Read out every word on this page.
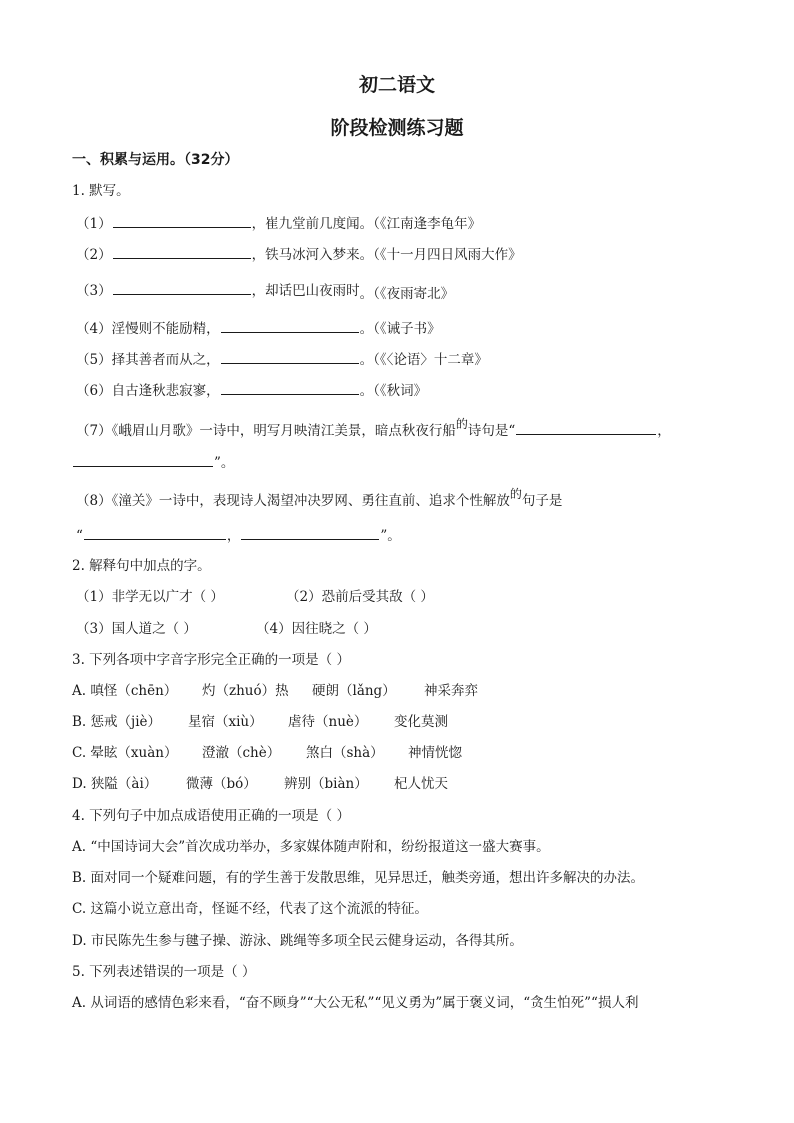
初二语文
阶段检测练习题
一、积累与运用。（32分）
1. 默写。
（1）	，崔九堂前几度闻。（《江南逢李龟年》
（2）	，铁马冰河入梦来。（《十一月四日风雨大作》
（3）	，却话巴山夜雨时。（《夜雨寄北》
（4）淫慢则不能励精，	。（《诫子书》
（5）择其善者而从之，	。（《〈论语〉十二章》
（6）自古逢秋悲寂寥，	。（《秋词》
（7）《峨眉山月歌》一诗中，明写月映清江美景，暗点秋夜行船的诗句是“	，
”。
（8）《潼关》一诗中，表现诗人渴望冲决罗网、勇往直前、追求个性解放的句子是
“	，	”。
2. 解释句中加点的字。
（1）非学无以广才（ ）	（2）恐前后受其敌（ ）
（3）国人道之（ ）	（4）因往晓之（ ）
3. 下列各项中字音字形完全正确的一项是（ ）
A. 嗔怪（chēn） 灼（zhuó）热 硬朗（lǎng） 神采奔弈
B. 惩戒（jiè） 星宿（xiù） 虐待（nuè） 变化莫测
C. 晕眩（xuàn） 澄澈（chè） 煞白（shà） 神情恍惚
D. 狭隘（ài） 微薄（bó） 辨别（biàn） 杞人忧天
4. 下列句子中加点成语使用正确的一项是（ ）
A. “中国诗词大会”首次成功举办，多家媒体随声附和，纷纷报道这一盛大赛事。
B. 面对同一个疑难问题，有的学生善于发散思维，见异思迁，触类旁通，想出许多解决的办法。
C. 这篇小说立意出奇，怪诞不经，代表了这个流派的特征。
D. 市民陈先生参与毽子操、游泳、跳绳等多项全民云健身运动，各得其所。
5. 下列表述错误的一项是（ ）
A. 从词语的感情色彩来看，“奋不顾身”“大公无私”“见义勇为”属于褒义词，“贪生怕死”“损人利
